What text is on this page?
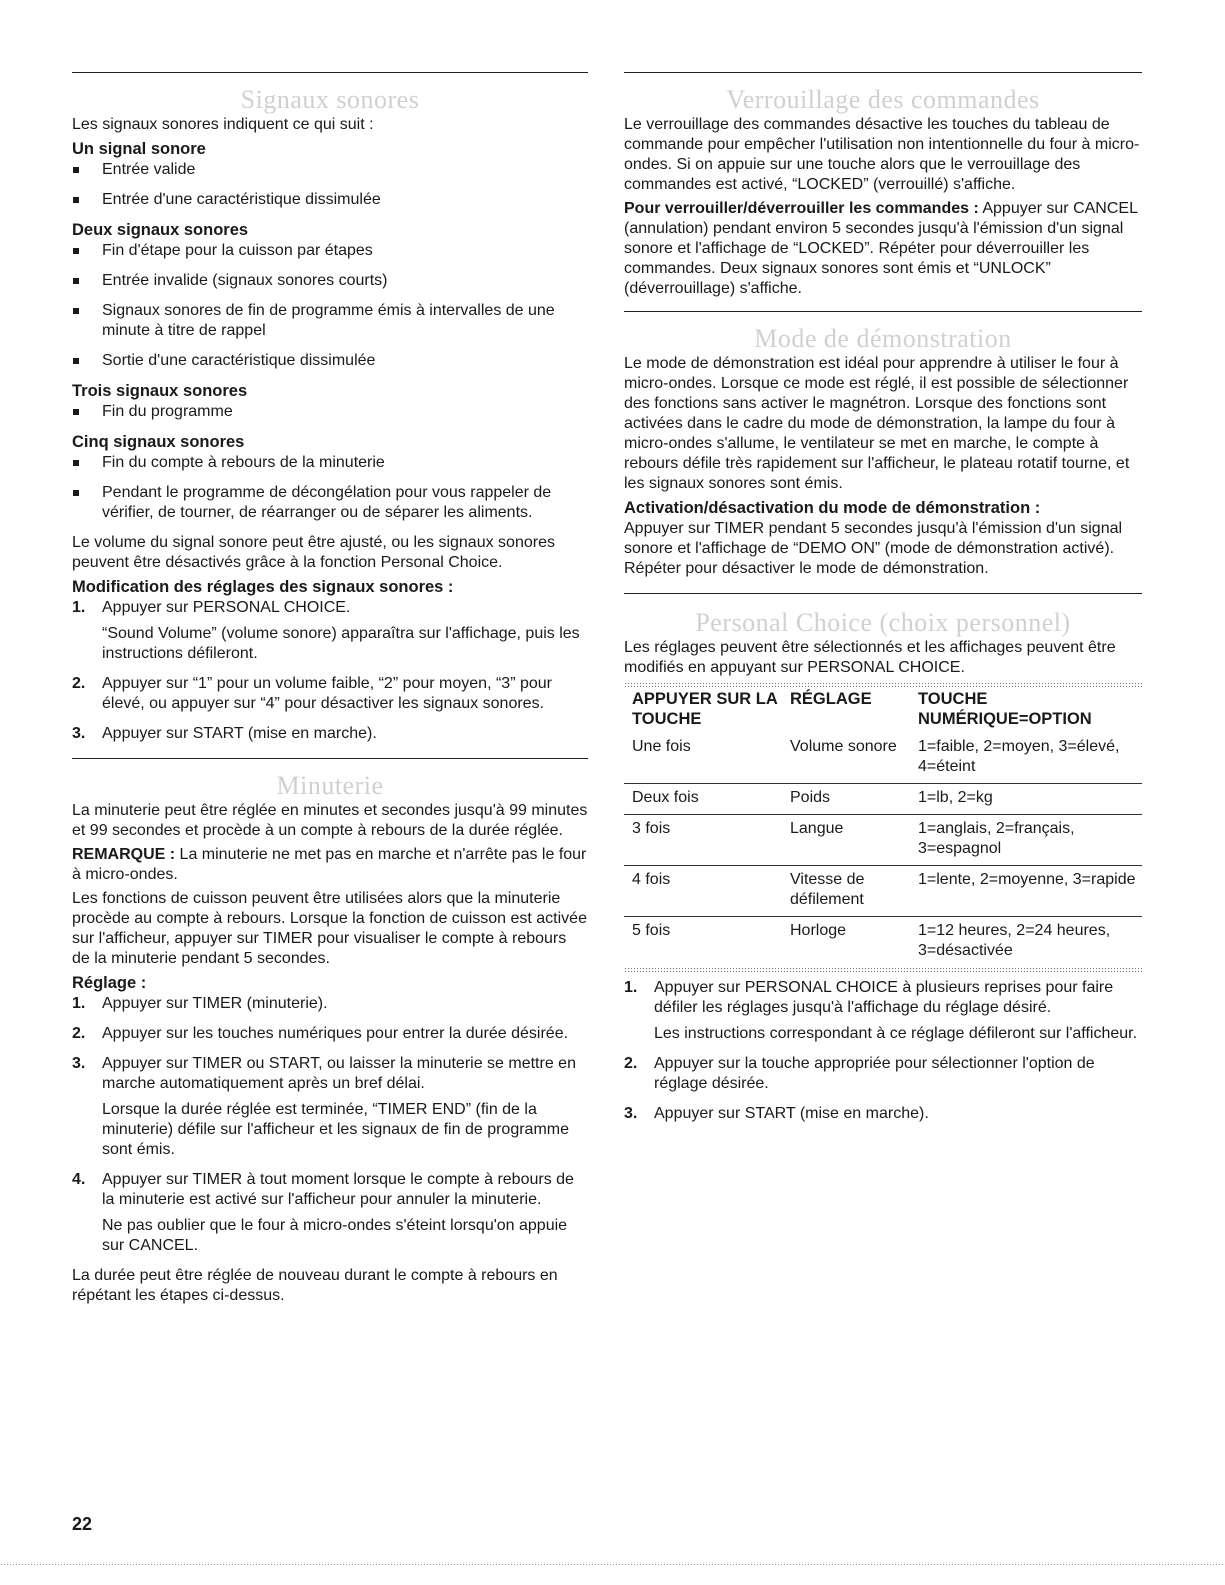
Signaux sonores

Les signaux sonores indiquent ce qui suit :

Un signal sonore
Entrée valide
Entrée d'une caractéristique dissimulée
Deux signaux sonores
Fin d'étape pour la cuisson par étapes
Entrée invalide (signaux sonores courts)
Signaux sonores de fin de programme émis à intervalles de une minute à titre de rappel
Sortie d'une caractéristique dissimulée
Trois signaux sonores
Fin du programme
Cinq signaux sonores
Fin du compte à rebours de la minuterie
Pendant le programme de décongélation pour vous rappeler de vérifier, de tourner, de réarranger ou de séparer les aliments.

Le volume du signal sonore peut être ajusté, ou les signaux sonores peuvent être désactivés grâce à la fonction Personal Choice.

Modification des réglages des signaux sonores :
1. Appuyer sur PERSONAL CHOICE.
“Sound Volume” (volume sonore) apparaîtra sur l'affichage, puis les instructions défileront.
2. Appuyer sur “1” pour un volume faible, “2” pour moyen, “3” pour élevé, ou appuyer sur “4” pour désactiver les signaux sonores.
3. Appuyer sur START (mise en marche).
Minuterie

La minuterie peut être réglée en minutes et secondes jusqu'à 99 minutes et 99 secondes et procède à un compte à rebours de la durée réglée.

REMARQUE : La minuterie ne met pas en marche et n'arrête pas le four à micro-ondes.

Les fonctions de cuisson peuvent être utilisées alors que la minuterie procède au compte à rebours. Lorsque la fonction de cuisson est activée sur l'afficheur, appuyer sur TIMER pour visualiser le compte à rebours de la minuterie pendant 5 secondes.

Réglage :
1. Appuyer sur TIMER (minuterie).
2. Appuyer sur les touches numériques pour entrer la durée désirée.
3. Appuyer sur TIMER ou START, ou laisser la minuterie se mettre en marche automatiquement après un bref délai.
Lorsque la durée réglée est terminée, “TIMER END” (fin de la minuterie) défile sur l'afficheur et les signaux de fin de programme sont émis.
4. Appuyer sur TIMER à tout moment lorsque le compte à rebours de la minuterie est activé sur l'afficheur pour annuler la minuterie.
Ne pas oublier que le four à micro-ondes s'éteint lorsqu'on appuie sur CANCEL.

La durée peut être réglée de nouveau durant le compte à rebours en répétant les étapes ci-dessus.

Verrouillage des commandes

Le verrouillage des commandes désactive les touches du tableau de commande pour empêcher l'utilisation non intentionnelle du four à micro-ondes. Si on appuie sur une touche alors que le verrouillage des commandes est activé, “LOCKED” (verrouillé) s'affiche.

Pour verrouiller/déverrouiller les commandes : Appuyer sur CANCEL (annulation) pendant environ 5 secondes jusqu'à l'émission d'un signal sonore et l'affichage de “LOCKED”. Répéter pour déverrouiller les commandes. Deux signaux sonores sont émis et “UNLOCK” (déverrouillage) s'affiche.

Mode de démonstration

Le mode de démonstration est idéal pour apprendre à utiliser le four à micro-ondes. Lorsque ce mode est réglé, il est possible de sélectionner des fonctions sans activer le magnétron. Lorsque des fonctions sont activées dans le cadre du mode de démonstration, la lampe du four à micro-ondes s'allume, le ventilateur se met en marche, le compte à rebours défile très rapidement sur l'afficheur, le plateau rotatif tourne, et les signaux sonores sont émis.

Activation/désactivation du mode de démonstration :

Appuyer sur TIMER pendant 5 secondes jusqu'à l'émission d'un signal sonore et l'affichage de “DEMO ON” (mode de démonstration activé). Répéter pour désactiver le mode de démonstration.

Personal Choice (choix personnel)

Les réglages peuvent être sélectionnés et les affichages peuvent être modifiés en appuyant sur PERSONAL CHOICE.

APPUYER SUR LA TOUCHE	RÉGLAGE	TOUCHE NUMÉRIQUE=OPTION
Une fois	Volume sonore	1=faible, 2=moyen, 3=élevé, 4=éteint
Deux fois	Poids	1=lb, 2=kg
3 fois	Langue	1=anglais, 2=français, 3=espagnol
4 fois	Vitesse de défilement	1=lente, 2=moyenne, 3=rapide
5 fois	Horloge	1=12 heures, 2=24 heures, 3=désactivée
1. Appuyer sur PERSONAL CHOICE à plusieurs reprises pour faire défiler les réglages jusqu'à l'affichage du réglage désiré.
Les instructions correspondant à ce réglage défileront sur l'afficheur.
2. Appuyer sur la touche appropriée pour sélectionner l'option de réglage désirée.
3. Appuyer sur START (mise en marche).
22
